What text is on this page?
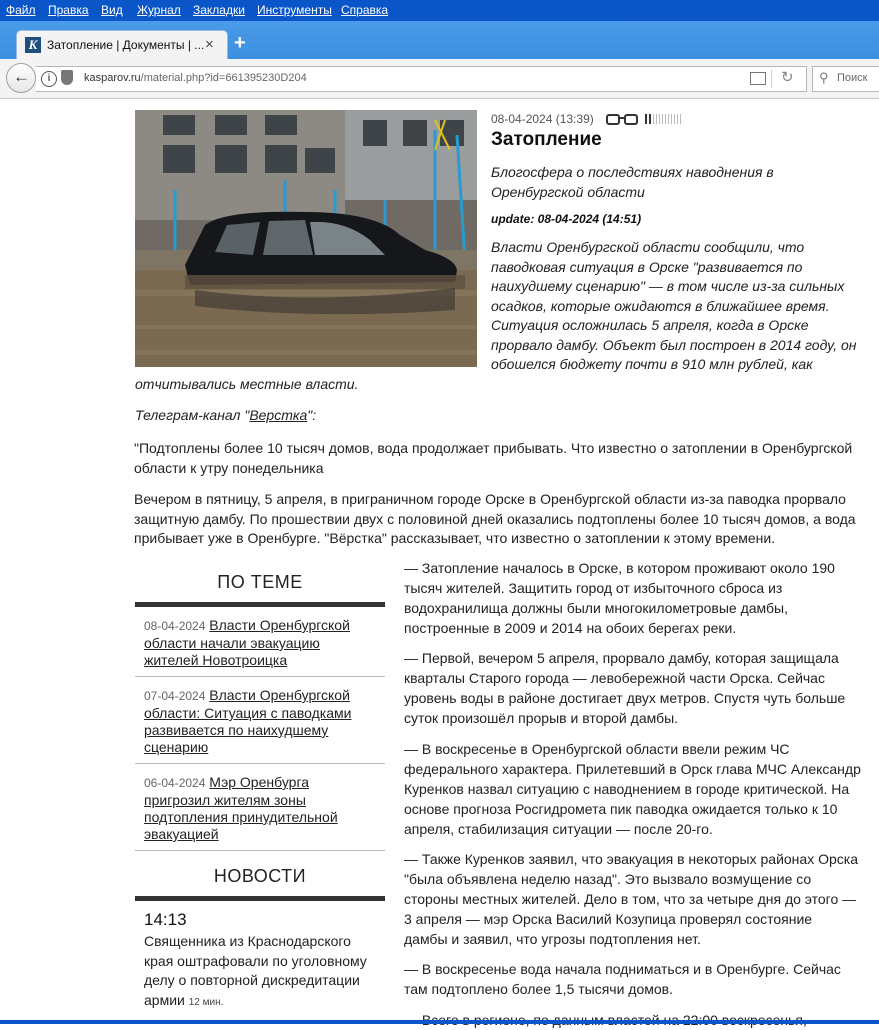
Файл Правка Вид Журнал Закладки Инструменты Справка
K Затопление | Документы | ... × +
←	i	kasparov.ru/material.php?id=661395230D204	↻ ⚲ Поиск
08-04-2024 (13:39)
Затопление
Блогосфера о последствиях наводнения в Оренбургской области
update: 08-04-2024 (14:51)
Власти Оренбургской области сообщили, что
паводковая ситуация в Орске "развивается по
наихудшему сценарию" — в том числе из-за сильных
осадков, которые ожидаются в ближайшее время.
Ситуация осложнилась 5 апреля, когда в Орске
прорвало дамбу. Объект был построен в 2014 году, он
обошелся бюджету почти в 910 млн рублей, как
отчитывались местные власти.
Телеграм-канал "Верстка":
"Подтоплены более 10 тысяч домов, вода продолжает прибывать. Что известно о затоплении в Оренбургской
области к утру понедельника
Вечером в пятницу, 5 апреля, в приграничном городе Орске в Оренбургской области из-за паводка прорвало
защитную дамбу. По прошествии двух с половиной дней оказались подтоплены более 10 тысяч домов, а вода
прибывает уже в Оренбурге. "Вёрстка" рассказывает, что известно о затоплении к этому времени.
ПО ТЕМЕ
08-04-2024 Власти Оренбургской
области начали эвакуацию
жителей Новотроицка
07-04-2024 Власти Оренбургской
области: Ситуация с паводками
развивается по наихудшему
сценарию
06-04-2024 Мэр Оренбурга
пригрозил жителям зоны
подтопления принудительной
эвакуацией
НОВОСТИ
14:13
Священника из Краснодарского
края оштрафовали по уголовному
делу о повторной дискредитации
армии 12 мин.
— Затопление началось в Орске, в котором проживают около 190
тысяч жителей. Защитить город от избыточного сброса из
водохранилища должны были многокилометровые дамбы,
построенные в 2009 и 2014 на обоих берегах реки.
— Первой, вечером 5 апреля, прорвало дамбу, которая защищала
кварталы Старого города — левобережной части Орска. Сейчас
уровень воды в районе достигает двух метров. Спустя чуть больше
суток произошёл прорыв и второй дамбы.
— В воскресенье в Оренбургской области ввели режим ЧС
федерального характера. Прилетевший в Орск глава МЧС Александр
Куренков назвал ситуацию с наводнением в городе критической. На
основе прогноза Росгидромета пик паводка ожидается только к 10
апреля, стабилизация ситуации — после 20-го.
— Также Куренков заявил, что эвакуация в некоторых районах Орска
"была объявлена неделю назад". Это вызвало возмущение со
стороны местных жителей. Дело в том, что за четыре дня до этого —
3 апреля — мэр Орска Василий Козупица проверял состояние
дамбы и заявил, что угрозы подтопления нет.
— В воскресенье вода начала подниматься и в Оренбурге. Сейчас
там подтоплено более 1,5 тысячи домов.
